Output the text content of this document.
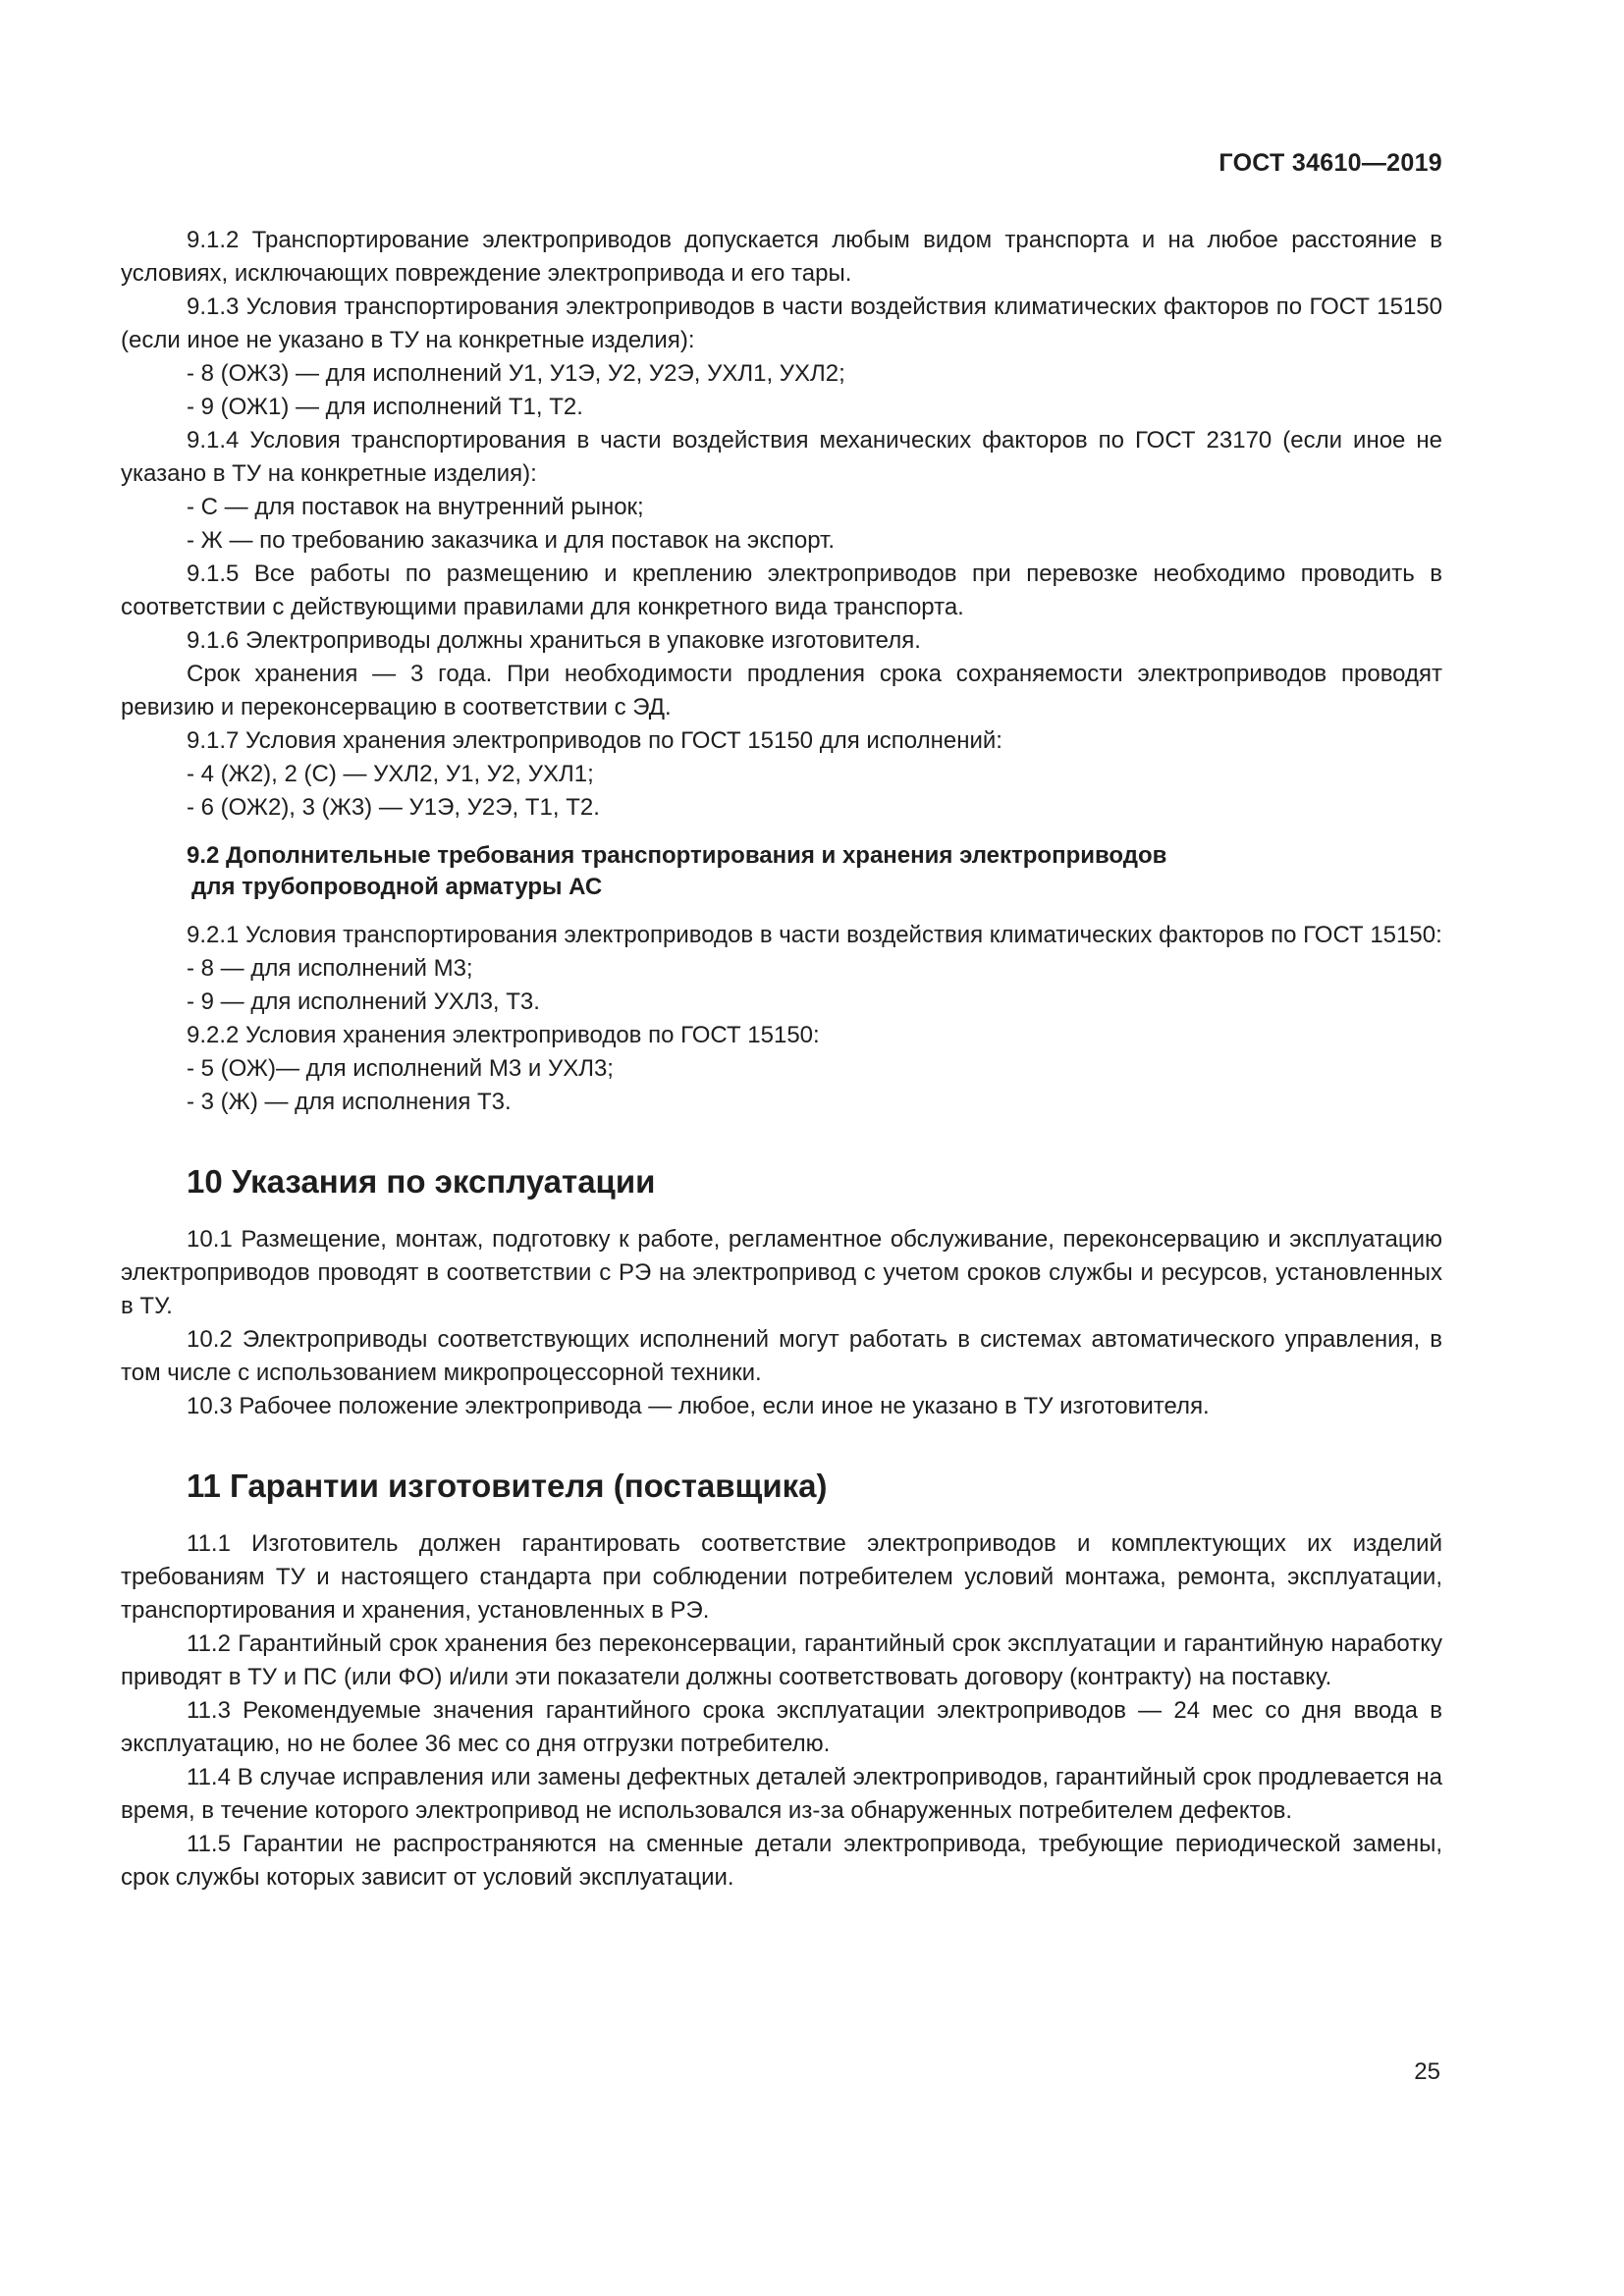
ГОСТ 34610—2019

9.1.2 Транспортирование электроприводов допускается любым видом транспорта и на любое расстояние в условиях, исключающих повреждение электропривода и его тары.

9.1.3 Условия транспортирования электроприводов в части воздействия климатических факторов по ГОСТ 15150 (если иное не указано в ТУ на конкретные изделия):

- 8 (ОЖ3) — для исполнений У1, У1Э, У2, У2Э, УХЛ1, УХЛ2;

- 9 (ОЖ1) — для исполнений Т1, Т2.

9.1.4 Условия транспортирования в части воздействия механических факторов по ГОСТ 23170 (если иное не указано в ТУ на конкретные изделия):

- С — для поставок на внутренний рынок;

- Ж — по требованию заказчика и для поставок на экспорт.

9.1.5 Все работы по размещению и креплению электроприводов при перевозке необходимо проводить в соответствии с действующими правилами для конкретного вида транспорта.

9.1.6 Электроприводы должны храниться в упаковке изготовителя.

Срок хранения — 3 года. При необходимости продления срока сохраняемости электроприводов проводят ревизию и переконсервацию в соответствии с ЭД.

9.1.7 Условия хранения электроприводов по ГОСТ 15150 для исполнений:

- 4 (Ж2), 2 (С) — УХЛ2, У1, У2, УХЛ1;

- 6 (ОЖ2), 3 (Ж3) — У1Э, У2Э, Т1, Т2.

9.2 Дополнительные требования транспортирования и хранения электроприводов
для трубопроводной арматуры АС

9.2.1 Условия транспортирования электроприводов в части воздействия климатических факторов по ГОСТ 15150:

- 8 — для исполнений М3;

- 9 — для исполнений УХЛ3, Т3.

9.2.2 Условия хранения электроприводов по ГОСТ 15150:

- 5 (ОЖ)— для исполнений М3 и УХЛ3;

- 3 (Ж) — для исполнения Т3.

10 Указания по эксплуатации

10.1 Размещение, монтаж, подготовку к работе, регламентное обслуживание, переконсервацию и эксплуатацию электроприводов проводят в соответствии с РЭ на электропривод с учетом сроков службы и ресурсов, установленных в ТУ.

10.2 Электроприводы соответствующих исполнений могут работать в системах автоматического управления, в том числе с использованием микропроцессорной техники.

10.3 Рабочее положение электропривода — любое, если иное не указано в ТУ изготовителя.

11 Гарантии изготовителя (поставщика)

11.1 Изготовитель должен гарантировать соответствие электроприводов и комплектующих их изделий требованиям ТУ и настоящего стандарта при соблюдении потребителем условий монтажа, ремонта, эксплуатации, транспортирования и хранения, установленных в РЭ.

11.2 Гарантийный срок хранения без переконсервации, гарантийный срок эксплуатации и гарантийную наработку приводят в ТУ и ПС (или ФО) и/или эти показатели должны соответствовать договору (контракту) на поставку.

11.3 Рекомендуемые значения гарантийного срока эксплуатации электроприводов — 24 мес со дня ввода в эксплуатацию, но не более 36 мес со дня отгрузки потребителю.

11.4 В случае исправления или замены дефектных деталей электроприводов, гарантийный срок продлевается на время, в течение которого электропривод не использовался из-за обнаруженных потребителем дефектов.

11.5 Гарантии не распространяются на сменные детали электропривода, требующие периодической замены, срок службы которых зависит от условий эксплуатации.

25
